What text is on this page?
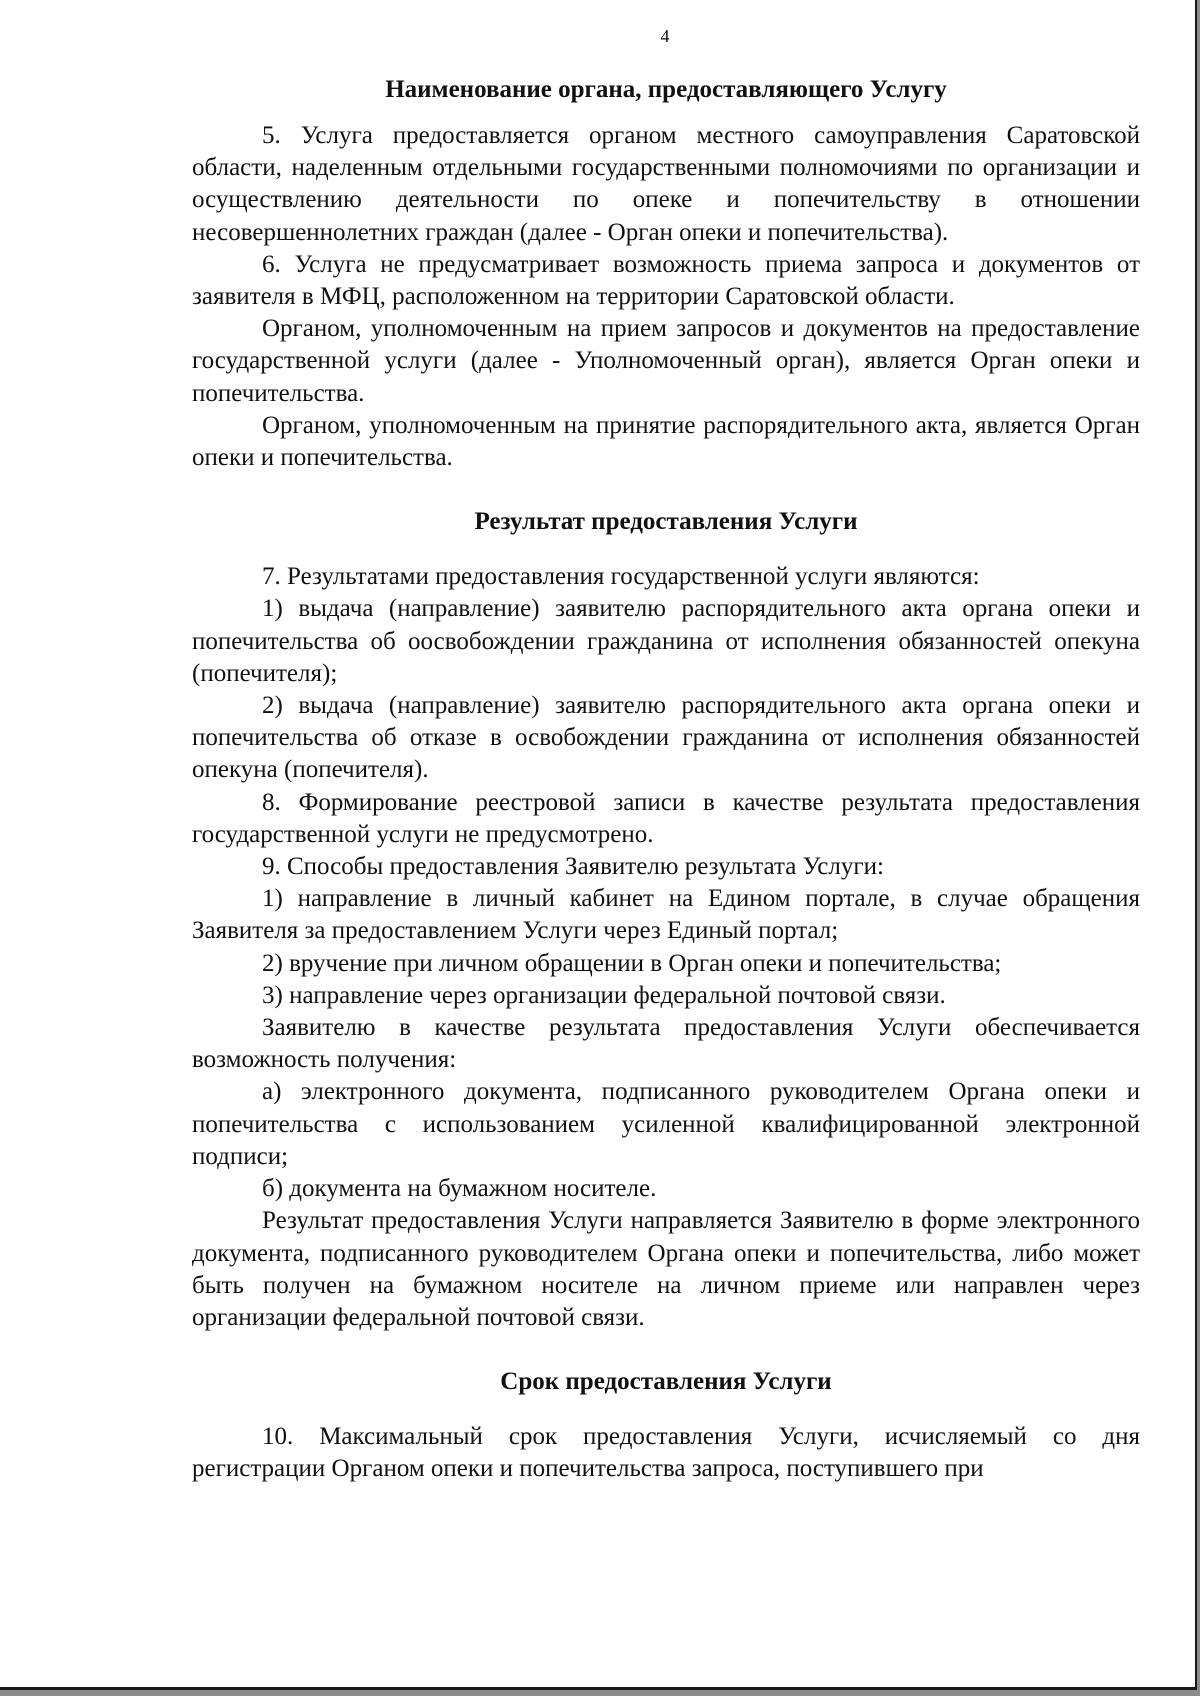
4
Наименование органа, предоставляющего Услугу

5. Услуга предоставляется органом местного самоуправления Саратовской области, наделенным отдельными государственными полномочиями по организации и осуществлению деятельности по опеке и попечительству в отношении несовершеннолетних граждан (далее - Орган опеки и попечительства).

6. Услуга не предусматривает возможность приема запроса и документов от заявителя в МФЦ, расположенном на территории Саратовской области.

Органом, уполномоченным на прием запросов и документов на предоставление государственной услуги (далее - Уполномоченный орган), является Орган опеки и попечительства.

Органом, уполномоченным на принятие распорядительного акта, является Орган опеки и попечительства.

Результат предоставления Услуги

7. Результатами предоставления государственной услуги являются:

1) выдача (направление) заявителю распорядительного акта органа опеки и попечительства об оосвобождении гражданина от исполнения обязанностей опекуна (попечителя);

2) выдача (направление) заявителю распорядительного акта органа опеки и попечительства об отказе в освобождении гражданина от исполнения обязанностей опекуна (попечителя).

8. Формирование реестровой записи в качестве результата предоставления государственной услуги не предусмотрено.

9. Способы предоставления Заявителю результата Услуги:

1) направление в личный кабинет на Едином портале, в случае обращения Заявителя за предоставлением Услуги через Единый портал;

2) вручение при личном обращении в Орган опеки и попечительства;

3) направление через организации федеральной почтовой связи.

Заявителю в качестве результата предоставления Услуги обеспечивается возможность получения:

а) электронного документа, подписанного руководителем Органа опеки и попечительства с использованием усиленной квалифицированной электронной подписи;

б) документа на бумажном носителе.

Результат предоставления Услуги направляется Заявителю в форме электронного документа, подписанного руководителем Органа опеки и попечительства, либо может быть получен на бумажном носителе на личном приеме или направлен через организации федеральной почтовой связи.

Срок предоставления Услуги

10. Максимальный срок предоставления Услуги, исчисляемый со дня регистрации Органом опеки и попечительства запроса, поступившего при
